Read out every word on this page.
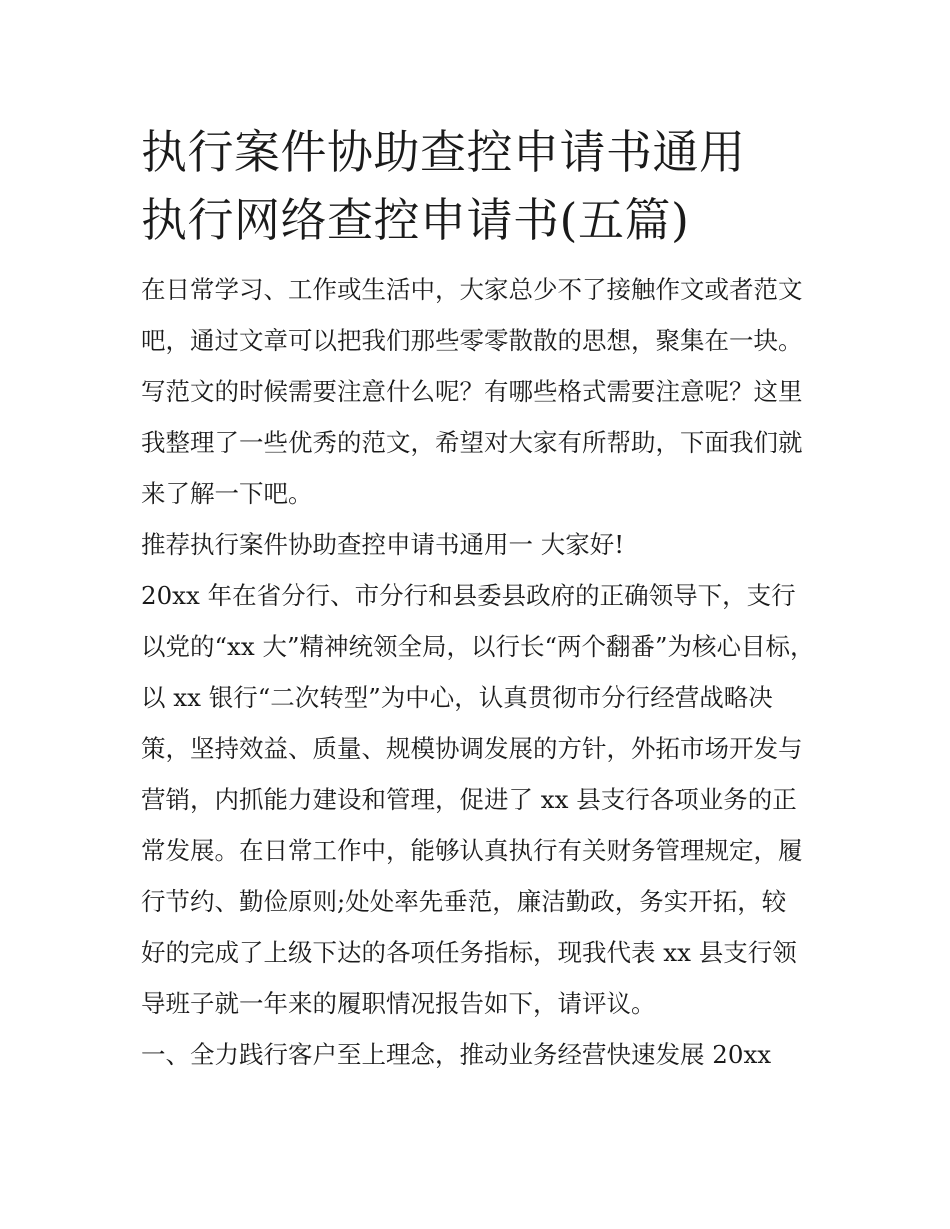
执行案件协助查控申请书通用
执行网络查控申请书(五篇)
在日常学习、工作或生活中，大家总少不了接触作文或者范文
吧，通过文章可以把我们那些零零散散的思想，聚集在一块。
写范文的时候需要注意什么呢？有哪些格式需要注意呢？这里
我整理了一些优秀的范文，希望对大家有所帮助，下面我们就
来了解一下吧。
推荐执行案件协助查控申请书通用一 大家好!
20xx 年在省分行、市分行和县委县政府的正确领导下，支行
以党的“xx 大”精神统领全局，以行长“两个翻番”为核心目标，
以 xx 银行“二次转型”为中心，认真贯彻市分行经营战略决
策，坚持效益、质量、规模协调发展的方针，外拓市场开发与
营销，内抓能力建设和管理，促进了 xx 县支行各项业务的正
常发展。在日常工作中，能够认真执行有关财务管理规定，履
行节约、勤俭原则;处处率先垂范，廉洁勤政，务实开拓，较
好的完成了上级下达的各项任务指标，现我代表 xx 县支行领
导班子就一年来的履职情况报告如下，请评议。
一、全力践行客户至上理念，推动业务经营快速发展 20xx
